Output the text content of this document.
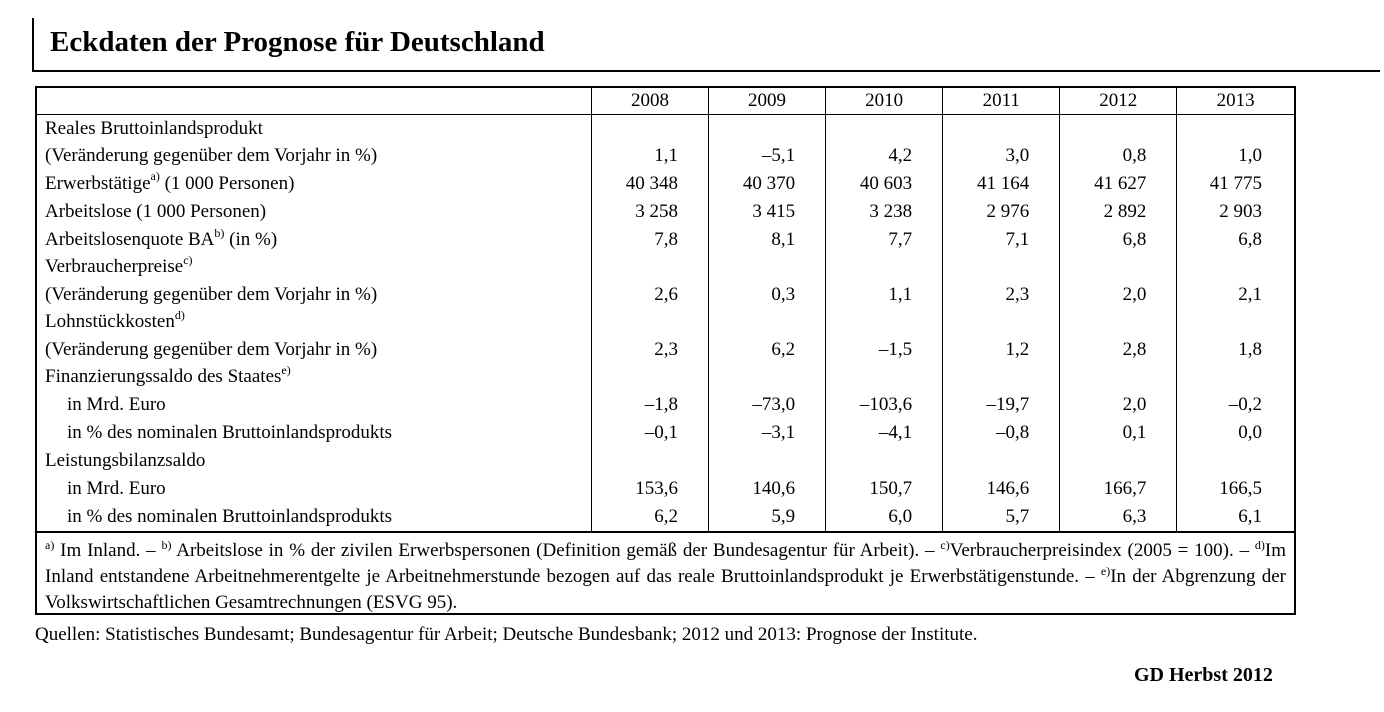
Eckdaten der Prognose für Deutschland
	2008	2009	2010	2011	2012	2013
Reales Bruttoinlandsprodukt						
(Veränderung gegenüber dem Vorjahr in %)	1,1	–5,1	4,2	3,0	0,8	1,0
Erwerbstätige$^{a)}$ (1 000 Personen)	40 348	40 370	40 603	41 164	41 627	41 775
Arbeitslose (1 000 Personen)	3 258	3 415	3 238	2 976	2 892	2 903
Arbeitslosenquote BA$^{b)}$ (in %)	7,8	8,1	7,7	7,1	6,8	6,8
Verbraucherpreise$^{c)}$						
(Veränderung gegenüber dem Vorjahr in %)	2,6	0,3	1,1	2,3	2,0	2,1
Lohnstückkosten$^{d)}$						
(Veränderung gegenüber dem Vorjahr in %)	2,3	6,2	–1,5	1,2	2,8	1,8
Finanzierungssaldo des Staates$^{e)}$						
in Mrd. Euro	–1,8	–73,0	–103,6	–19,7	2,0	–0,2
in % des nominalen Bruttoinlandsprodukts	–0,1	–3,1	–4,1	–0,8	0,1	0,0
Leistungsbilanzsaldo						
in Mrd. Euro	153,6	140,6	150,7	146,6	166,7	166,5
in % des nominalen Bruttoinlandsprodukts	6,2	5,9	6,0	5,7	6,3	6,1
$^{a)}$ Im Inland. – $^{b)}$ Arbeitslose in % der zivilen Erwerbspersonen (Definition gemäß der Bundesagentur für Arbeit). – $^{c)}$Verbraucherpreisindex (2005 = 100). – $^{d)}$Im Inland entstandene Arbeitnehmerentgelte je Arbeitnehmerstunde bezogen auf das reale Bruttoinlandsprodukt je Erwerbstätigenstunde. – $^{e)}$In der Abgrenzung der Volkswirtschaftlichen Gesamtrechnungen (ESVG 95).
Quellen: Statistisches Bundesamt; Bundesagentur für Arbeit; Deutsche Bundesbank; 2012 und 2013: Prognose der Institute.
GD Herbst 2012
